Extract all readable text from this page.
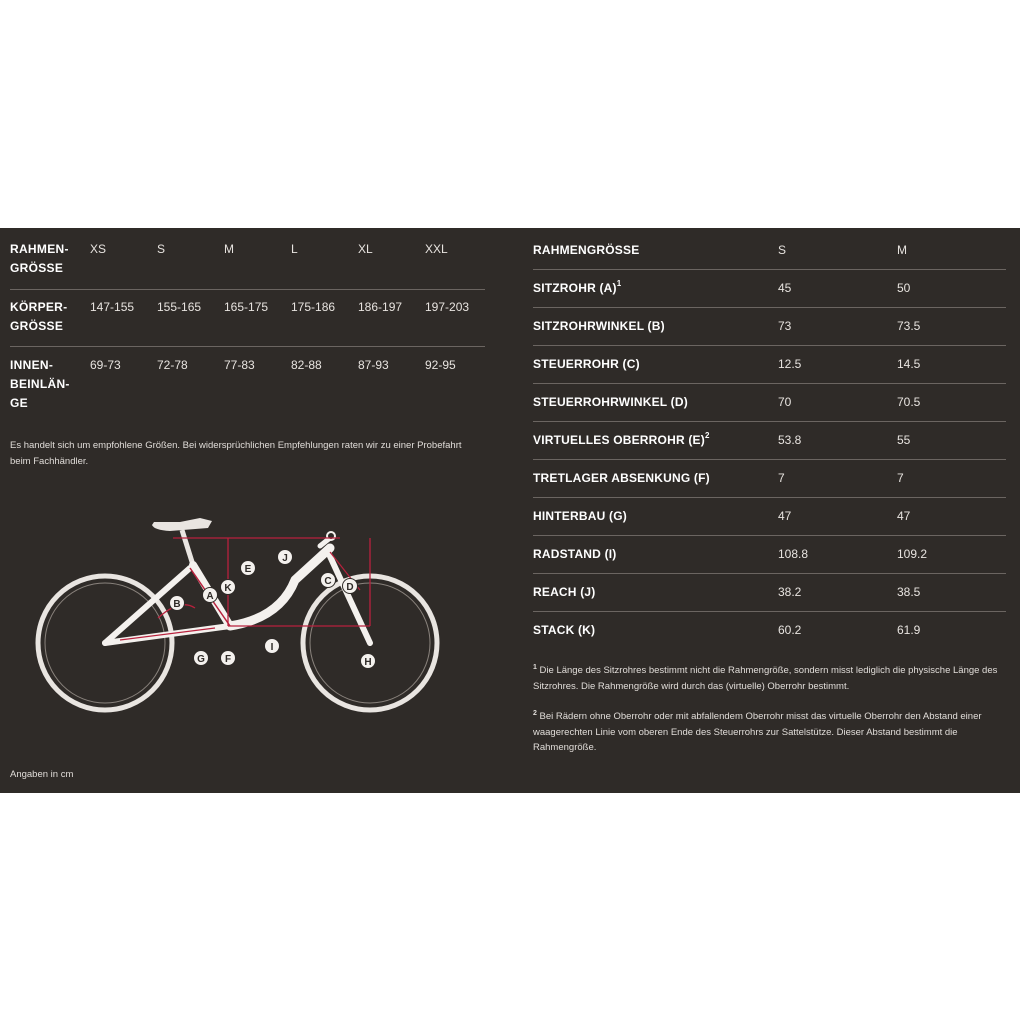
RAHMEN-
GRÖSSE
XS	S	M	L	XL	XXL
KÖRPER-
GRÖSSE
147-155 155-165 165-175 175-186 186-197 197-203
INNEN-
BEINLÄN-
GE
69-73	72-78	77-83	82-88	87-93	92-95
Es handelt sich um empfohlene Größen. Bei widersprüchlichen Empfehlungen raten wir zu einer Probefahrt beim Fachhändler.
A
B
C
D
E
F
G	H
I
J
K
Angaben in cm
RAHMENGRÖSSE	S	M
SITZROHR $(A)^1$	45	50
SITZROHRWINKEL (B)	73	73.5
STEUERROHR (C)	12.5	14.5
STEUERROHRWINKEL (D)	70	70.5
VIRTUELLES OBERROHR $(E)^2$	53.8	55
TRETLAGER ABSENKUNG (F)	7	7
HINTERBAU (G)	47	47
RADSTAND (I)	108.8	109.2
REACH (J)	38.2	38.5
STACK (K)	60.2	61.9
$^1$ Die Länge des Sitzrohres bestimmt nicht die Rahmengröße, sondern misst lediglich die physische Länge des Sitzrohres. Die Rahmengröße wird durch das (virtuelle) Oberrohr bestimmt.
$^2$ Bei Rädern ohne Oberrohr oder mit abfallendem Oberrohr misst das virtuelle Oberrohr den Abstand einer waagerechten Linie vom oberen Ende des Steuerrohrs zur Sattelstütze. Dieser Abstand bestimmt die Rahmengröße.
